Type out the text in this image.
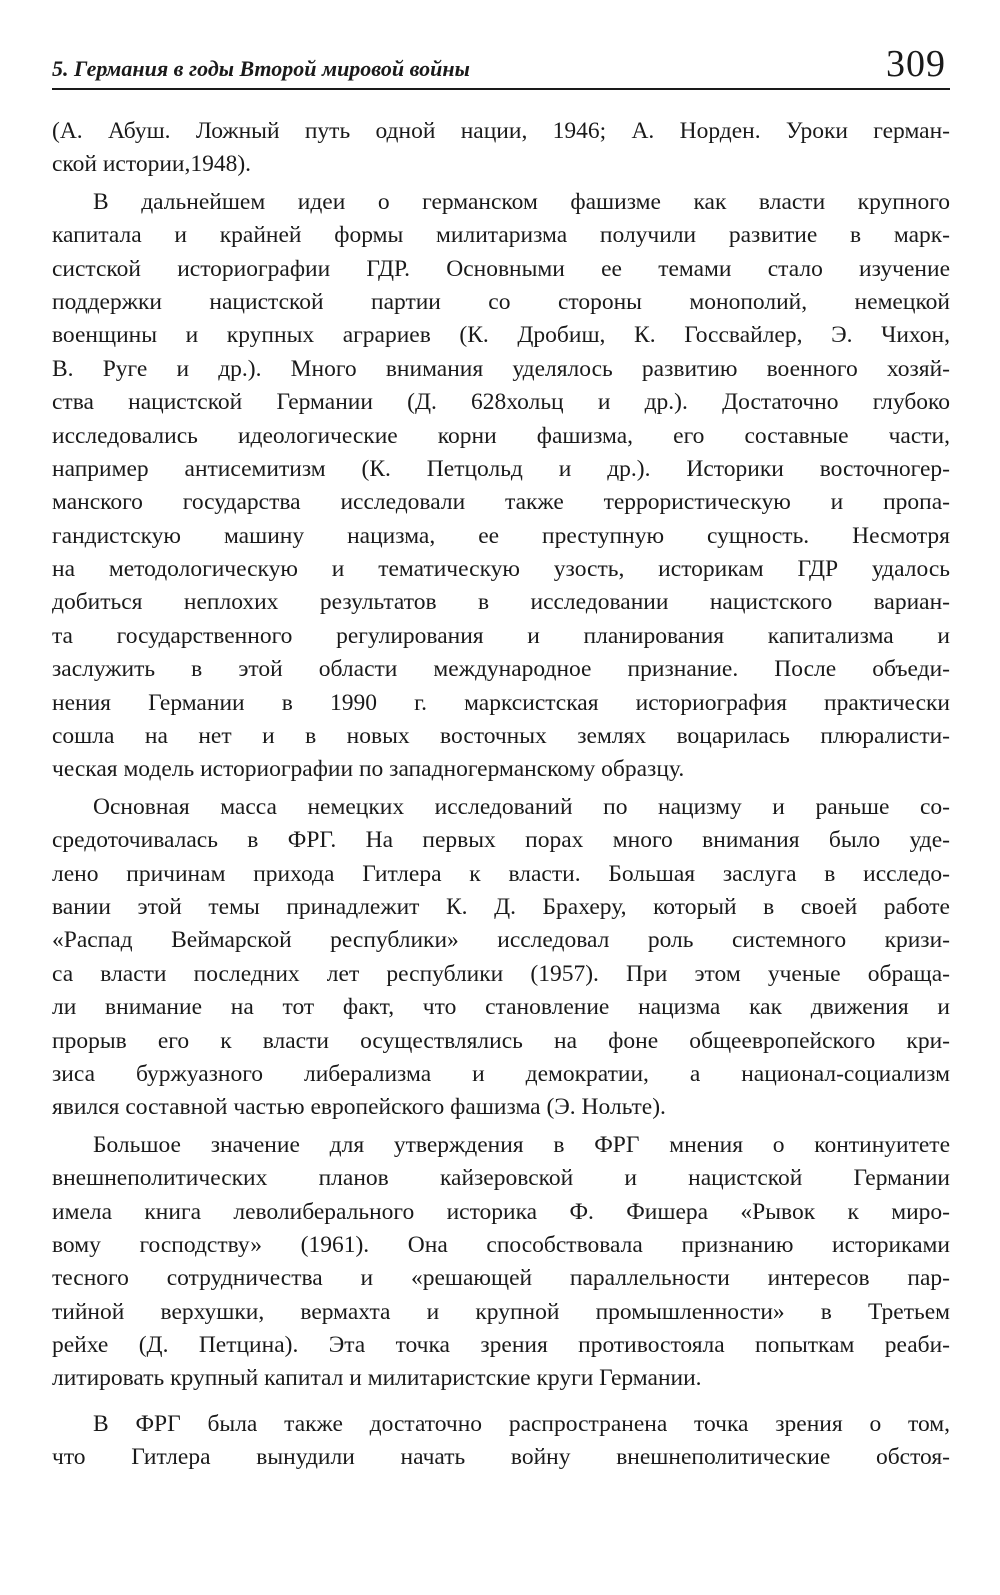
5. Германия в годы Второй мировой войны	309
(А. Абуш. Ложный путь одной нации, 1946; А. Норден. Уроки герман-
ской истории,1948).
В дальнейшем идеи о германском фашизме как власти крупного
капитала и крайней формы милитаризма получили развитие в марк-
систской историографии ГДР. Основными ее темами стало изучение
поддержки нацистской партии со стороны монополий, немецкой
военщины и крупных аграриев (К. Дробиш, К. Госсвайлер, Э. Чихон,
В. Руге и др.). Много внимания уделялось развитию военного хозяй-
ства нацистской Германии (Д. 628хольц и др.). Достаточно глубоко
исследовались идеологические корни фашизма, его составные части,
например антисемитизм (К. Петцольд и др.). Историки восточногер-
манского государства исследовали также террористическую и пропа-
гандистскую машину нацизма, ее преступную сущность. Несмотря
на методологическую и тематическую узость, историкам ГДР удалось
добиться неплохих результатов в исследовании нацистского вариан-
та государственного регулирования и планирования капитализма и
заслужить в этой области международное признание. После объеди-
нения Германии в 1990 г. марксистская историография практически
сошла на нет и в новых восточных землях воцарилась плюралисти-
ческая модель историографии по западногерманскому образцу.
Основная масса немецких исследований по нацизму и раньше со-
средоточивалась в ФРГ. На первых порах много внимания было уде-
лено причинам прихода Гитлера к власти. Большая заслуга в исследо-
вании этой темы принадлежит К. Д. Брахеру, который в своей работе
«Распад Веймарской республики» исследовал роль системного кризи-
са власти последних лет республики (1957). При этом ученые обраща-
ли внимание на тот факт, что становление нацизма как движения и
прорыв его к власти осуществлялись на фоне общеевропейского кри-
зиса буржуазного либерализма и демократии, а национал-социализм
явился составной частью европейского фашизма (Э. Нольте).
Большое значение для утверждения в ФРГ мнения о континуитете
внешнеполитических планов кайзеровской и нацистской Германии
имела книга леволиберального историка Ф. Фишера «Рывок к миро-
вому господству» (1961). Она способствовала признанию историками
тесного сотрудничества и «решающей параллельности интересов пар-
тийной верхушки, вермахта и крупной промышленности» в Третьем
рейхе (Д. Петцина). Эта точка зрения противостояла попыткам реаби-
литировать крупный капитал и милитаристские круги Германии.
В ФРГ была также достаточно распространена точка зрения о том,
что Гитлера вынудили начать войну внешнеполитические обстоя-
